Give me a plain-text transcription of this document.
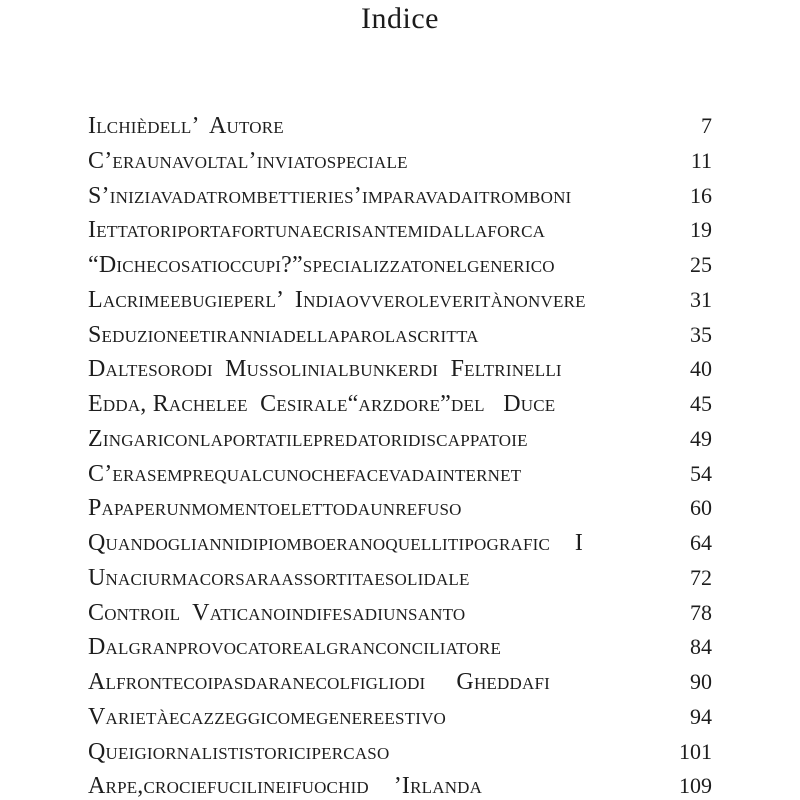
Indice
Ilchièdell’  Autore	7
C’eraunavoltal’inviatospeciale	11
S’iniziavadatrombettieries’imparavadaitromboni	16
Iettatoriportafortunaecrisantemidallaforca	19
“Dichecosatioccupi?”specializzatonelgenerico	25
Lacrimeebugieperl’  Indiaovveroleveritànonvere	31
Seduzioneetiranniadellaparolascritta	35
Daltesorodi  Mussolinialbunkerdi  Feltrinelli	40
Edda, Rachelee  Cesirale“arzdore”del   Duce	45
Zingariconlaportatilepredatoridiscappatoie	49
C’erasemprequalcunochefacevadainternet	54
Papaperunmomentoelettodaunrefuso	60
Quandogliannidipiomboeranoquellitipografic    I	64
Unaciurmacorsaraassortitaesolidale	72
Controil  Vaticanoindifesadiunsanto	78
Dalgranprovocatorealgranconciliatore	84
Alfrontecoipasdaranecolfigliodi     Gheddafi	90
Varietàecazzeggicomegenereestivo	94
Queigiornalististoricipercaso	101
Arpe,crociefucilineifuochid    ’Irlanda	109
